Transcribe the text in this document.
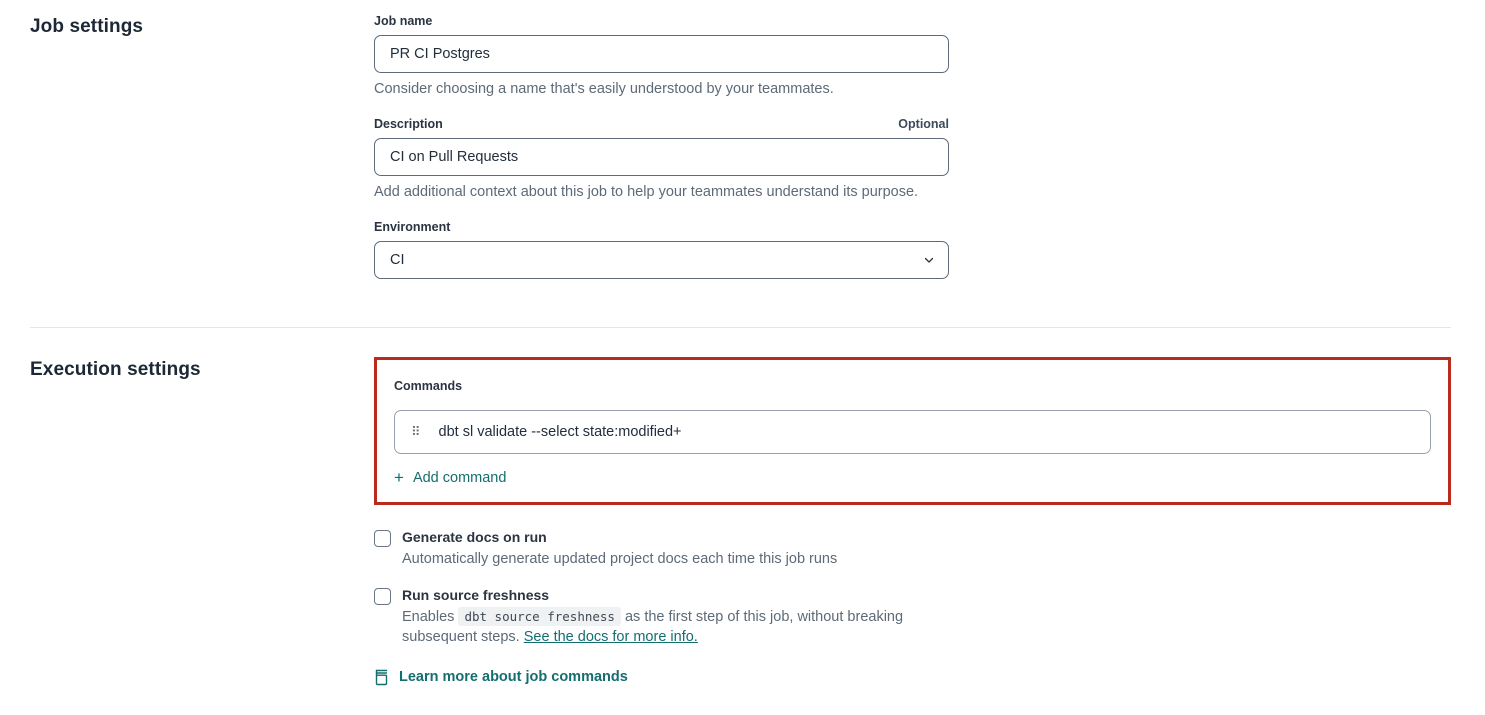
Job settings	Job name
PR CI Postgres
Consider choosing a name that's easily understood by your teammates.
Description	Optional
CI on Pull Requests
Add additional context about this job to help your teammates understand its purpose.
Environment
CI
Execution settings
Commands
⠿ dbt sl validate --select state:modified+
+ Add command
Generate docs on run
Automatically generate updated project docs each time this job runs
Run source freshness
Enables dbt source freshness as the first step of this job, without breaking subsequent steps. See the docs for more info.
Learn more about job commands
